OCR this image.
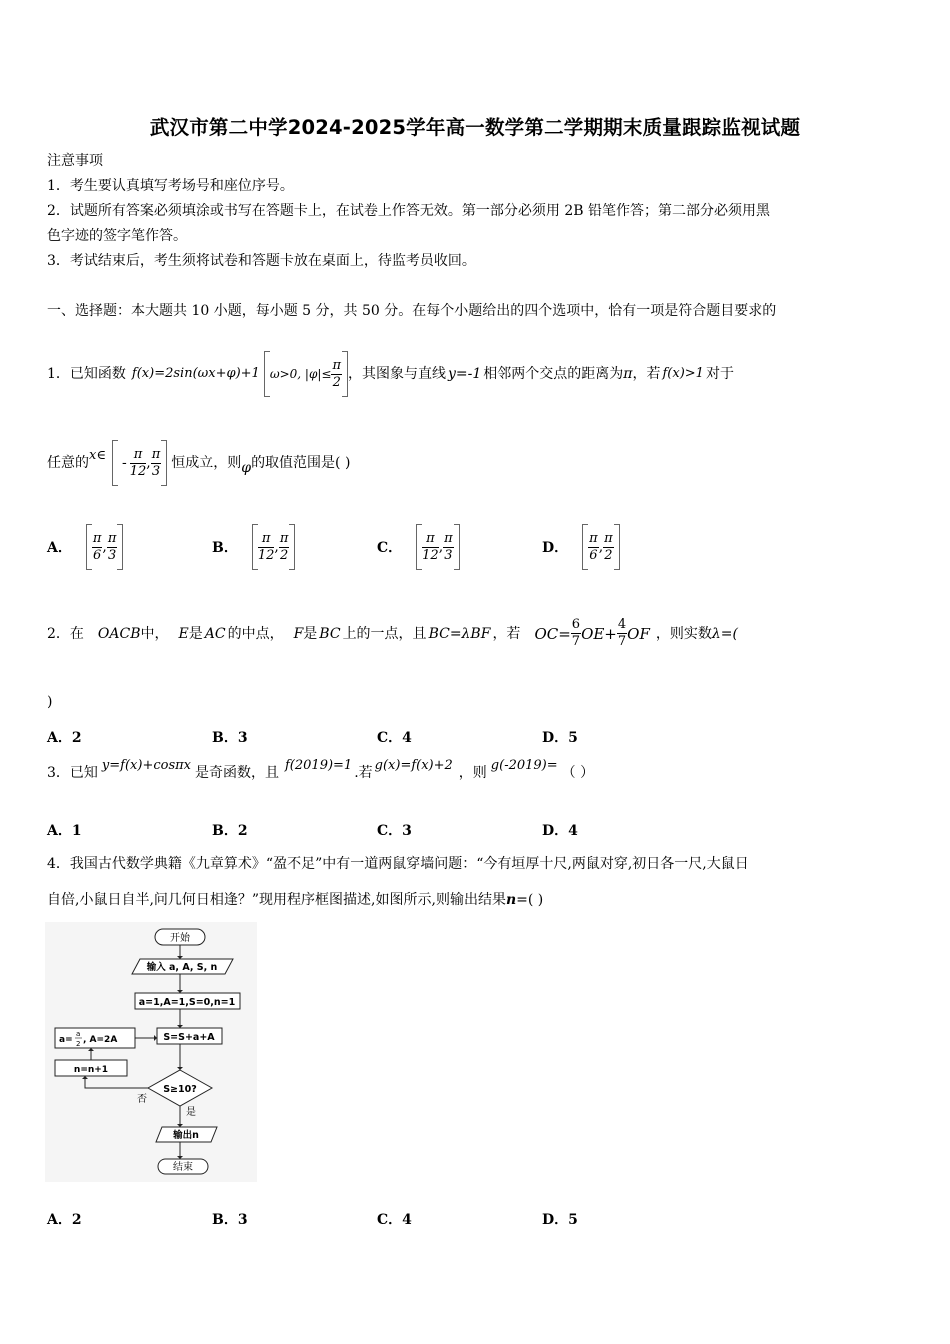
武汉市第二中学2024-2025学年高一数学第二学期期末质量跟踪监视试题
注意事项
1．考生要认真填写考场号和座位序号。
2．试题所有答案必须填涂或书写在答题卡上，在试卷上作答无效。第一部分必须用 2B 铅笔作答；第二部分必须用黑
色字迹的签字笔作答。
3．考试结束后，考生须将试卷和答题卡放在桌面上，待监考员收回。
一、选择题：本大题共 10 小题，每小题 5 分，共 50 分。在每个小题给出的四个选项中，恰有一项是符合题目要求的
1． 已知函数 f(x)=2sin(ωx+φ)+1 ω>0, $|\varphi|\le \frac{\pi}{2}$ ，其图象与直线 y=-1 相邻两个交点的距离为 π ，若 f(x)>1 对于
任意的 x∈ - $\frac{\pi}{12}$ , $\frac{\pi}{3}$ 恒成立，则 φ 的取值范围是( )
A． $\frac{\pi}{6}$ , $\frac{\pi}{3}$	B． $\frac{\pi}{12}$ , $\frac{\pi}{2}$	C． $\frac{\pi}{12}$ , $\frac{\pi}{3}$	D． $\frac{\pi}{6}$ , $\frac{\pi}{2}$
2． 在 OACB 中， E 是 AC 的中点， F 是 BC 上的一点，且 BC=λBF ，若 $OC= \frac{6}{7} OE+ \frac{4}{7}$ OF ，则实数 λ=(
)
A．2	B．3	C．4	D．5
3． 已知 y=f(x)+cosπx 是奇函数，且 f(2019)=1 .若 g(x)=f(x)+2 ，则 g(-2019)= （ ）
A．1	B．2	C．3	D．4
4．我国古代数学典籍《九章算术》“盈不足”中有一道两鼠穿墙问题：“今有垣厚十尺,两鼠对穿,初日各一尺,大鼠日
自倍,小鼠日自半,问几何日相逢？”现用程序框图描述,如图所示,则输出结果n=( )
开始
输入 a, A, S, n
a=1,A=1,S=0,n=1
a=
a
2 , A=2A	S=S+a+A
n=n+1
S≥10?
否
是
输出n
结束
A．2	B．3	C．4	D．5
